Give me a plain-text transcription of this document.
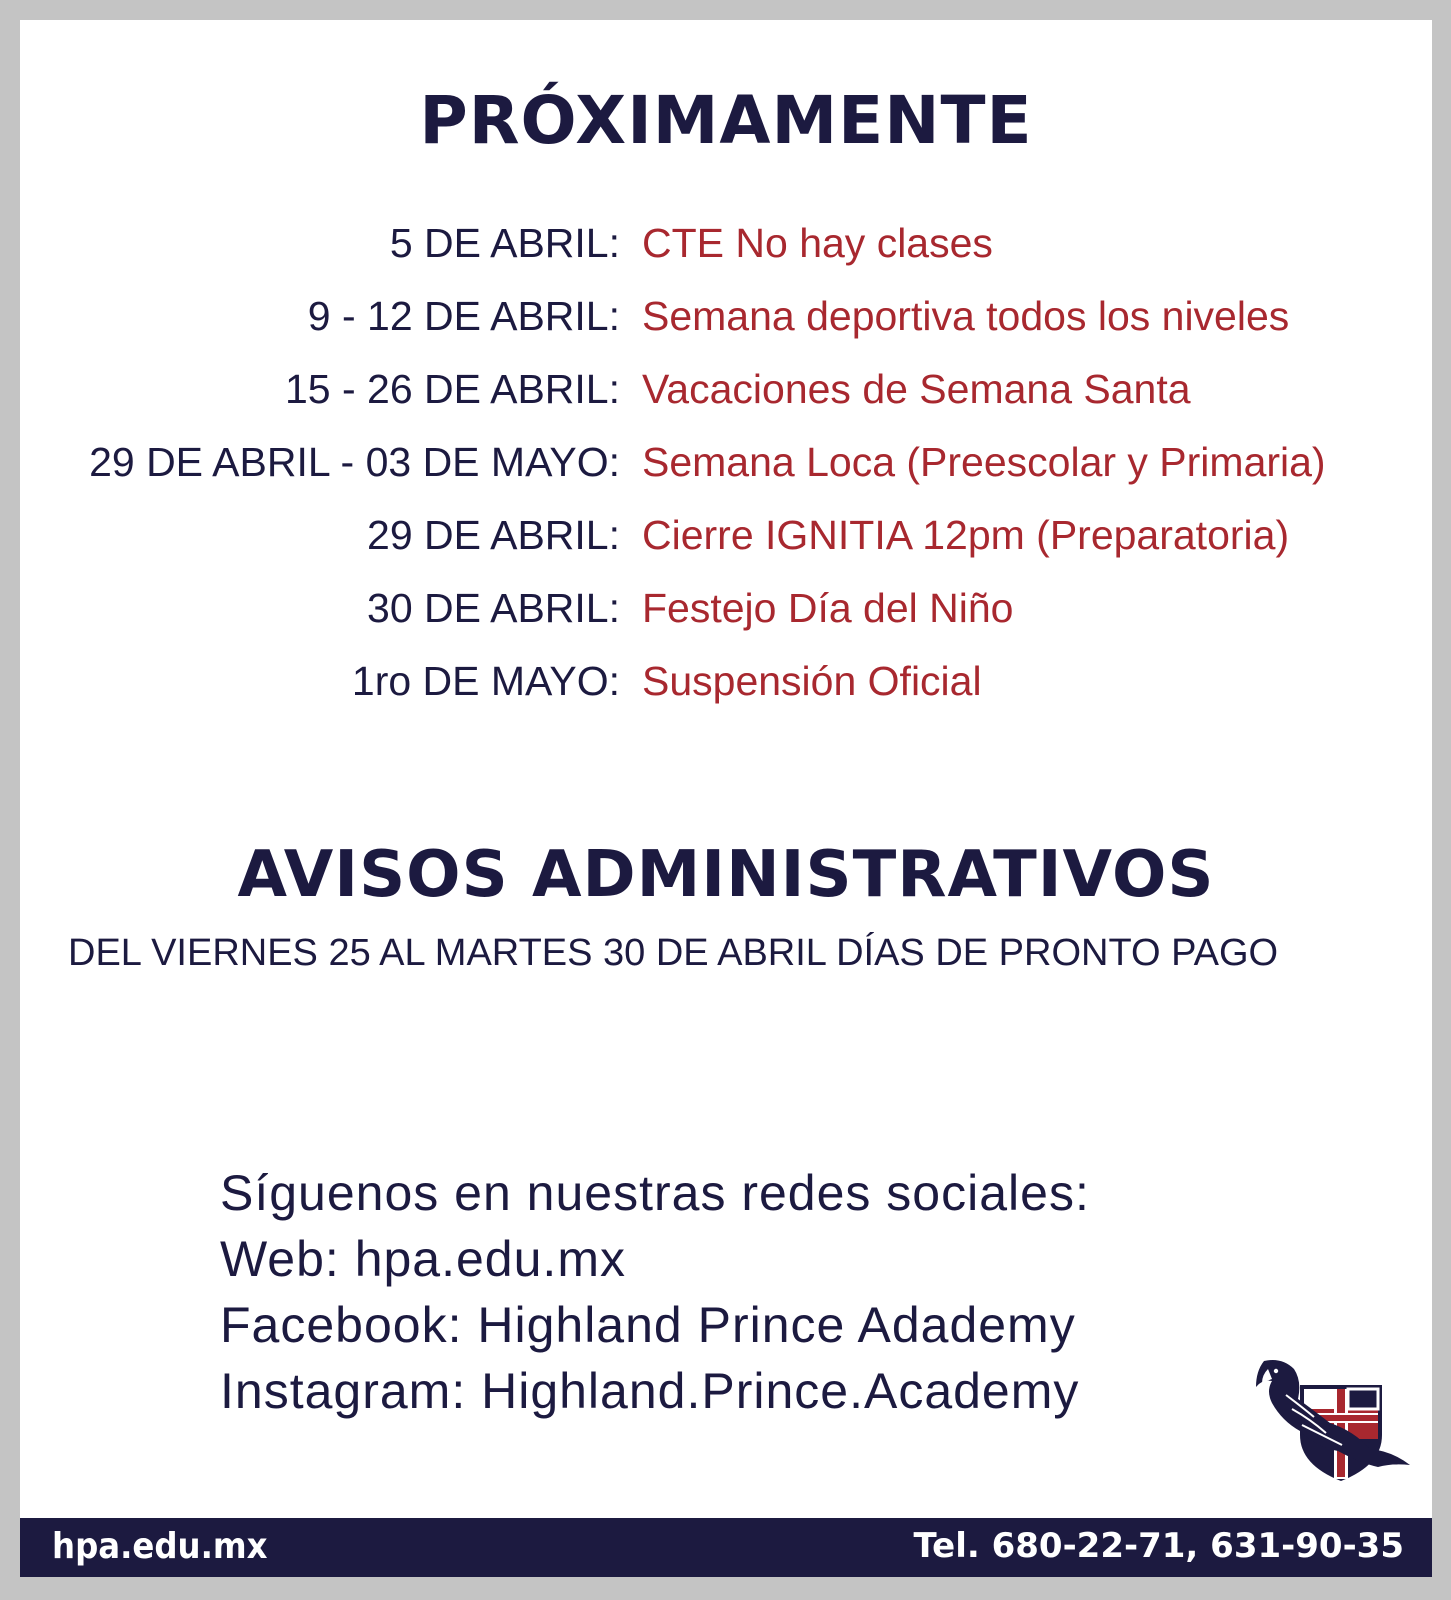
PRÓXIMAMENTE
5 DE ABRIL: CTE No hay clases
9 - 12 DE ABRIL: Semana deportiva todos los niveles
15 - 26 DE ABRIL: Vacaciones de Semana Santa
29 DE ABRIL - 03 DE MAYO: Semana Loca (Preescolar y Primaria)
29 DE ABRIL: Cierre IGNITIA 12pm (Preparatoria)
30 DE ABRIL: Festejo Día del Niño
1ro DE MAYO: Suspensión Oficial
AVISOS ADMINISTRATIVOS
DEL VIERNES 25 AL MARTES 30 DE ABRIL DÍAS DE PRONTO PAGO
Síguenos en nuestras redes sociales:
Web: hpa.edu.mx
Facebook: Highland Prince Adademy
Instagram: Highland.Prince.Academy
hpa.edu.mx	Tel. 680-22-71, 631-90-35
